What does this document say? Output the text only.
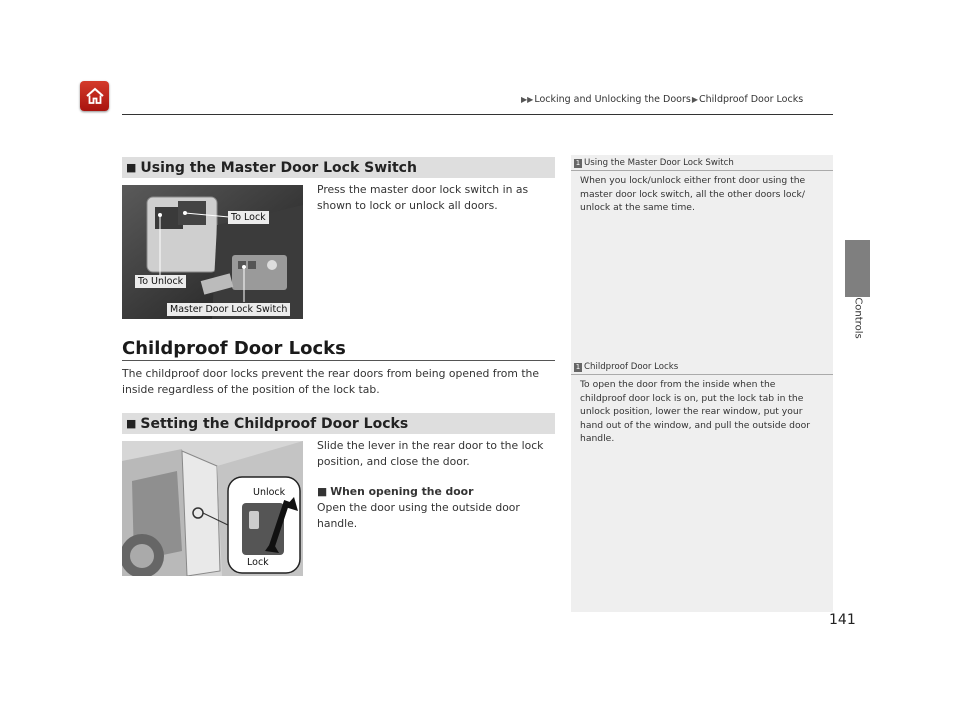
▶▶ Locking and Unlocking the Doors ▶ Childproof Door Locks
Controls
■ Using the Master Door Lock Switch
To Lock
To Unlock
Master Door Lock Switch
Press the master door lock switch in as shown to lock or unlock all doors.
Childproof Door Locks
The childproof door locks prevent the rear doors from being opened from the inside regardless of the position of the lock tab.
■ Setting the Childproof Door Locks
Unlock
Lock
Slide the lever in the rear door to the lock position, and close the door.
■ When opening the door
Open the door using the outside door handle.
1 Using the Master Door Lock Switch
When you lock/unlock either front door using the master door lock switch, all the other doors lock/ unlock at the same time.
1 Childproof Door Locks
To open the door from the inside when the childproof door lock is on, put the lock tab in the unlock position, lower the rear window, put your hand out of the window, and pull the outside door handle.
141
